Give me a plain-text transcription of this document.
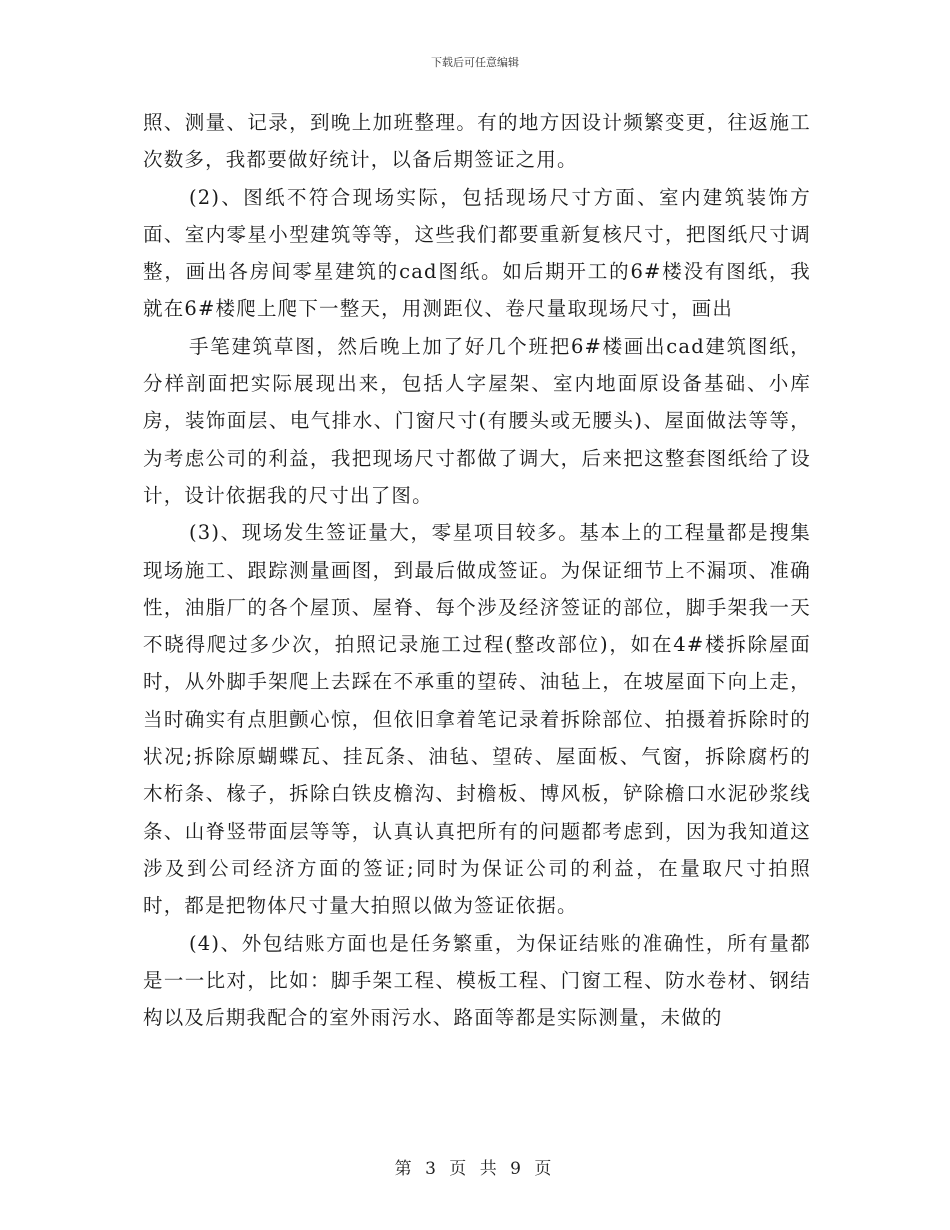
下载后可任意编辑

照、测量、记录，到晚上加班整理。有的地方因设计频繁变更，往返施工次数多，我都要做好统计，以备后期签证之用。

(2)、图纸不符合现场实际，包括现场尺寸方面、室内建筑装饰方面、室内零星小型建筑等等，这些我们都要重新复核尺寸，把图纸尺寸调整，画出各房间零星建筑的cad图纸。如后期开工的6#楼没有图纸，我就在6#楼爬上爬下一整天，用测距仪、卷尺量取现场尺寸，画出

手笔建筑草图，然后晚上加了好几个班把6#楼画出cad建筑图纸，分样剖面把实际展现出来，包括人字屋架、室内地面原设备基础、小库房，装饰面层、电气排水、门窗尺寸(有腰头或无腰头)、屋面做法等等，为考虑公司的利益，我把现场尺寸都做了调大，后来把这整套图纸给了设计，设计依据我的尺寸出了图。

(3)、现场发生签证量大，零星项目较多。基本上的工程量都是搜集现场施工、跟踪测量画图，到最后做成签证。为保证细节上不漏项、准确性，油脂厂的各个屋顶、屋脊、每个涉及经济签证的部位，脚手架我一天不晓得爬过多少次，拍照记录施工过程(整改部位)，如在4#楼拆除屋面时，从外脚手架爬上去踩在不承重的望砖、油毡上，在坡屋面下向上走，当时确实有点胆颤心惊，但依旧拿着笔记录着拆除部位、拍摄着拆除时的状况;拆除原蝴蝶瓦、挂瓦条、油毡、望砖、屋面板、气窗，拆除腐朽的木桁条、椽子，拆除白铁皮檐沟、封檐板、博风板，铲除檐口水泥砂浆线条、山脊竖带面层等等，认真认真把所有的问题都考虑到，因为我知道这涉及到公司经济方面的签证;同时为保证公司的利益，在量取尺寸拍照时，都是把物体尺寸量大拍照以做为签证依据。

(4)、外包结账方面也是任务繁重，为保证结账的准确性，所有量都是一一比对，比如：脚手架工程、模板工程、门窗工程、防水卷材、钢结构以及后期我配合的室外雨污水、路面等都是实际测量，未做的

第 3 页 共 9 页
